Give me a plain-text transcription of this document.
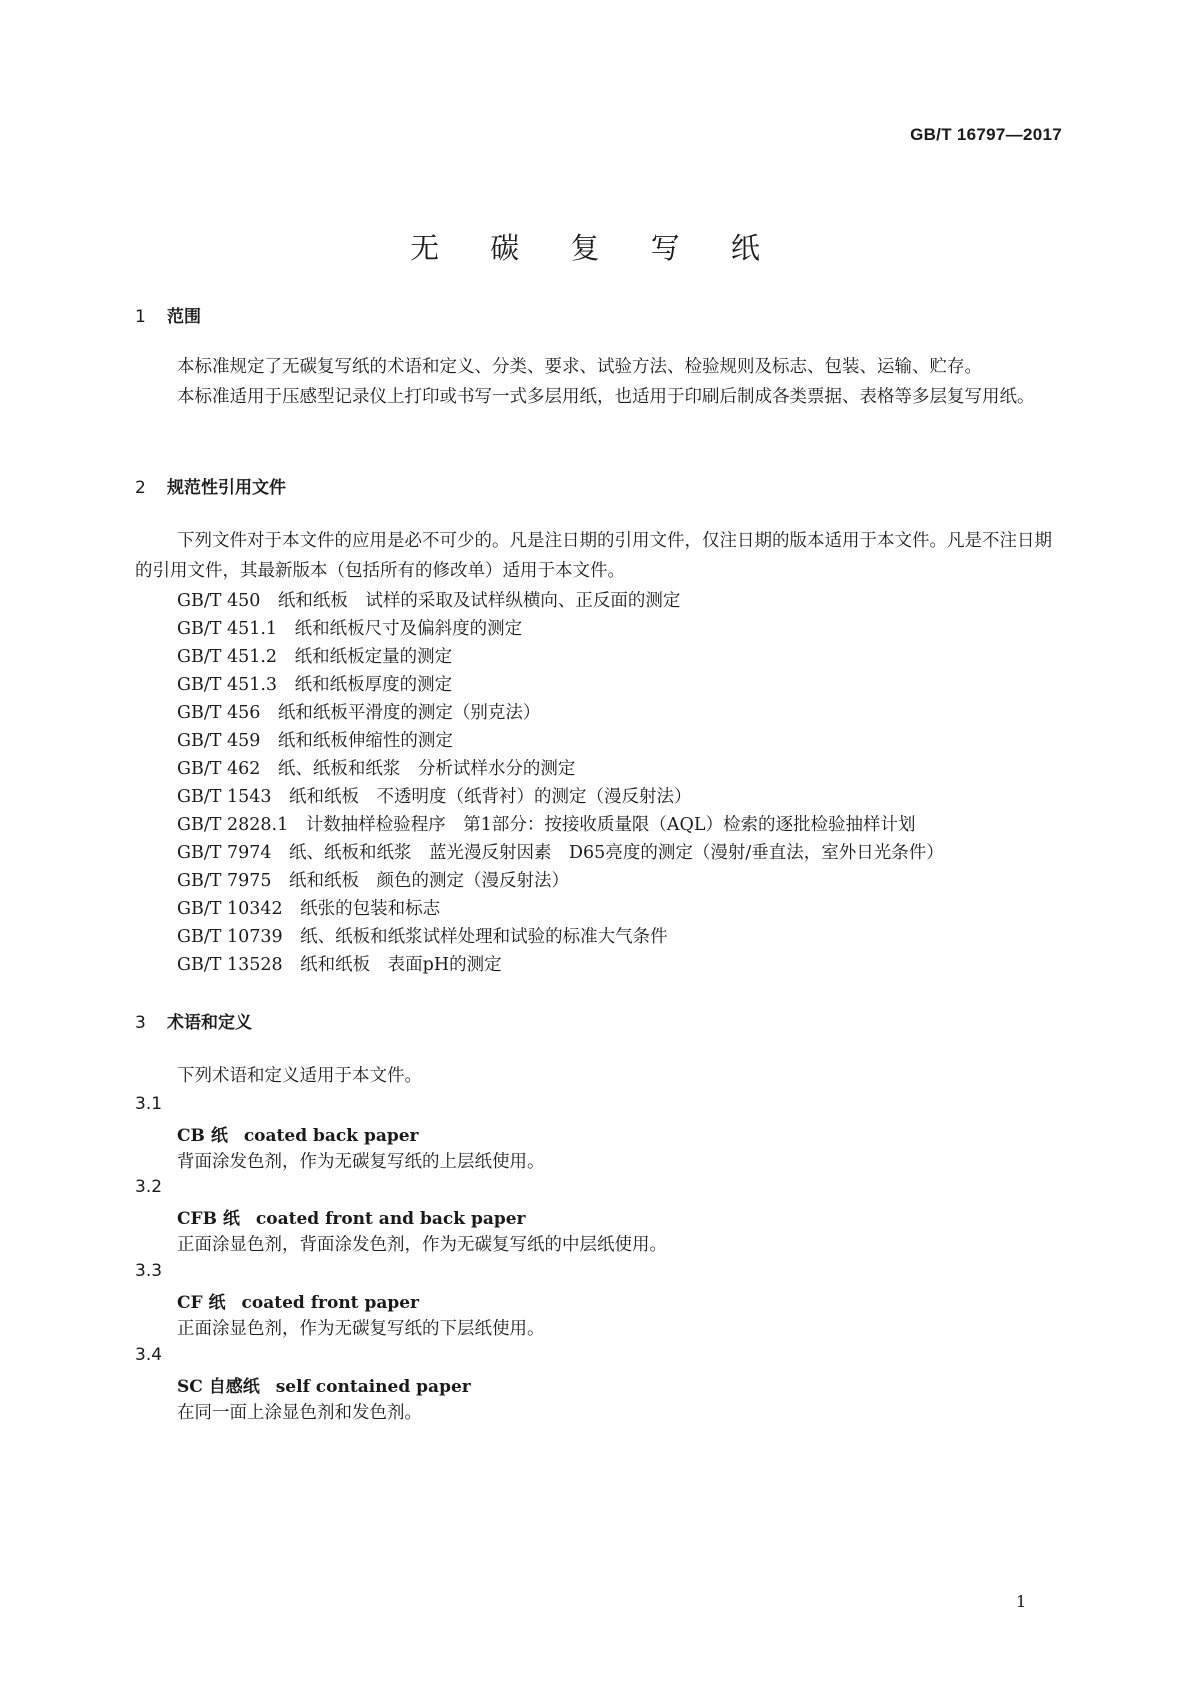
GB/T 16797—2017
无 碳 复 写 纸
1 范围
本标准规定了无碳复写纸的术语和定义、分类、要求、试验方法、检验规则及标志、包装、运输、贮存。
本标准适用于压感型记录仪上打印或书写一式多层用纸，也适用于印刷后制成各类票据、表格等多层复写用纸。
2 规范性引用文件
下列文件对于本文件的应用是必不可少的。凡是注日期的引用文件，仅注日期的版本适用于本文件。凡是不注日期的引用文件，其最新版本（包括所有的修改单）适用于本文件。
GB/T 450　 纸和纸板　试样的采取及试样纵横向、正反面的测定
GB/T 451.1　 纸和纸板尺寸及偏斜度的测定
GB/T 451.2　 纸和纸板定量的测定
GB/T 451.3　 纸和纸板厚度的测定
GB/T 456　 纸和纸板平滑度的测定（别克法）
GB/T 459　 纸和纸板伸缩性的测定
GB/T 462　 纸、纸板和纸浆　分析试样水分的测定
GB/T 1543　 纸和纸板　不透明度（纸背衬）的测定（漫反射法）
GB/T 2828.1　 计数抽样检验程序　第1部分：按接收质量限（AQL）检索的逐批检验抽样计划
GB/T 7974　 纸、纸板和纸浆　蓝光漫反射因素　D65亮度的测定（漫射/垂直法，室外日光条件）
GB/T 7975　 纸和纸板　颜色的测定（漫反射法）
GB/T 10342　 纸张的包装和标志
GB/T 10739　 纸、纸板和纸浆试样处理和试验的标准大气条件
GB/T 13528　 纸和纸板　表面pH的测定
3 术语和定义
下列术语和定义适用于本文件。
3.1
CB 纸 coated back paper
背面涂发色剂，作为无碳复写纸的上层纸使用。
3.2
CFB 纸 coated front and back paper
正面涂显色剂，背面涂发色剂，作为无碳复写纸的中层纸使用。
3.3
CF 纸 coated front paper
正面涂显色剂，作为无碳复写纸的下层纸使用。
3.4
SC 自感纸 self contained paper
在同一面上涂显色剂和发色剂。
1
